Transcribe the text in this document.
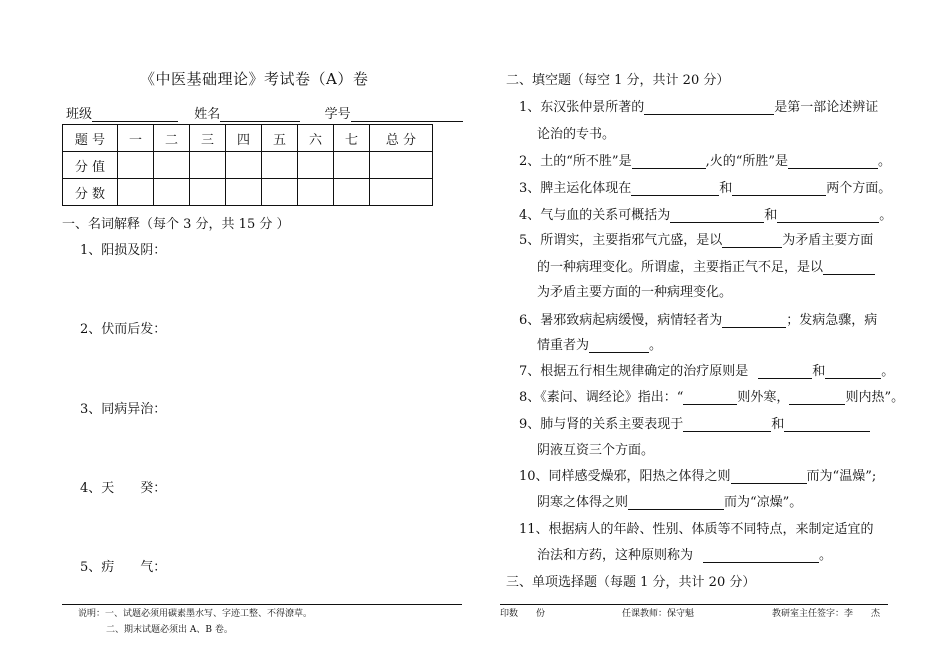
《中医基础理论》考试卷（A）卷
班级	姓名	学号
题 号	一	二	三	四	五	六	七	总 分
分 值								
分 数								
一、名词解释（每个 3 分，共 15 分 ）
1、阳损及阴：
2、伏而后发：
3、同病异治：
4、天　　癸：
5、疠　　气：
说明：一、试题必须用碳素墨水写、字迹工整、不得潦草。
二、期末试题必须出 A、B 卷。
二、填空题（每空 1 分，共计 20 分）
1、东汉张仲景所著的	是第一部论述辨证
论治的专书。
2、土的“所不胜”是	,火的“所胜”是	。
3、脾主运化体现在	和	两个方面。
4、气与血的关系可概括为	和	。
5、所谓实，主要指邪气亢盛，是以	为矛盾主要方面
的一种病理变化。所谓虚，主要指正气不足，是以
为矛盾主要方面的一种病理变化。
6、暑邪致病起病缓慢，病情轻者为	；发病急骤，病
情重者为	。
7、根据五行相生规律确定的治疗原则是	和	。
8、《素问、调经论》指出：“	则外寒，	则内热”。
9、肺与肾的关系主要表现于	和
阴液互资三个方面。
10、同样感受燥邪，阳热之体得之则	而为“温燥”;
阴寒之体得之则	而为“凉燥”。
11、根据病人的年龄、性别、体质等不同特点，来制定适宜的
治法和方药，这种原则称为	。
三、单项选择题（每题 1 分，共计 20 分）
印数　　份	任课教师：保守魁	教研室主任签字：李　　杰
